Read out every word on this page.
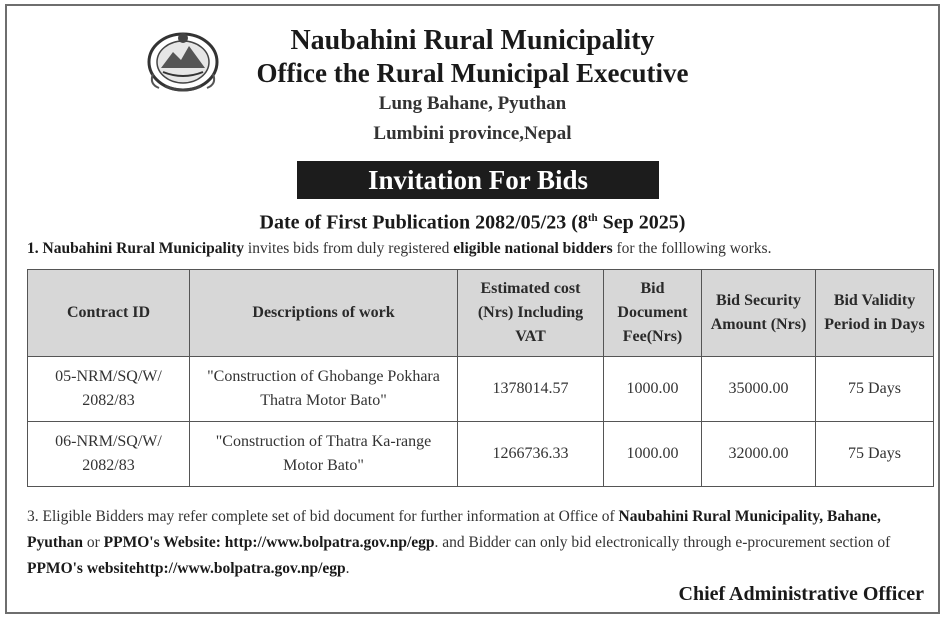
Naubahini Rural Municipality
Office the Rural Municipal Executive
Lung Bahane, Pyuthan
Lumbini province,Nepal
Invitation For Bids
Date of First Publication 2082/05/23 (8th Sep 2025)
1. Naubahini Rural Municipality invites bids from duly registered eligible national bidders for the folllowing works.
Contract ID	Descriptions of work	Estimated cost (Nrs) Including VAT	Bid Document Fee(Nrs)	Bid Security Amount (Nrs)	Bid Validity Period in Days
05-NRM/SQ/W/ 2082/83	"Construction of Ghobange Pokhara Thatra Motor Bato"	1378014.57	1000.00	35000.00	75 Days
06-NRM/SQ/W/ 2082/83	"Construction of Thatra Ka-range Motor Bato"	1266736.33	1000.00	32000.00	75 Days
3. Eligible Bidders may refer complete set of bid document for further information at Office of Naubahini Rural Municipality, Bahane, Pyuthan or PPMO's Website: http://www.bolpatra.gov.np/egp. and Bidder can only bid electronically through e-procurement section of PPMO's websitehttp://www.bolpatra.gov.np/egp.
Chief Administrative Officer
